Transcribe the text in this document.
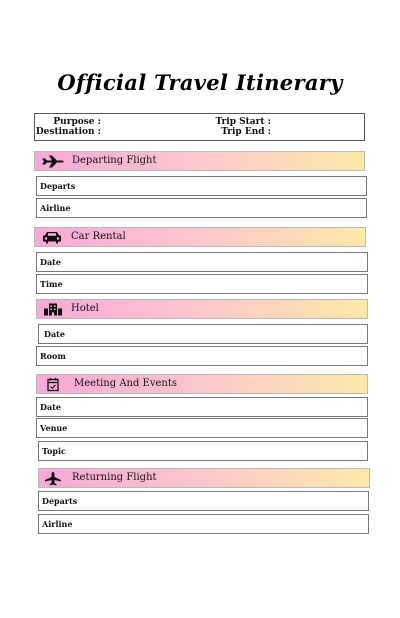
Official Travel Itinerary
Purpose :
Destination :
Trip Start :
Trip End :
Departing Flight
Departs
Airline
Car Rental
Date
Time
Hotel
Date
Room
Meeting And Events
Date
Venue
Topic
Returning Flight
Departs
Airline
